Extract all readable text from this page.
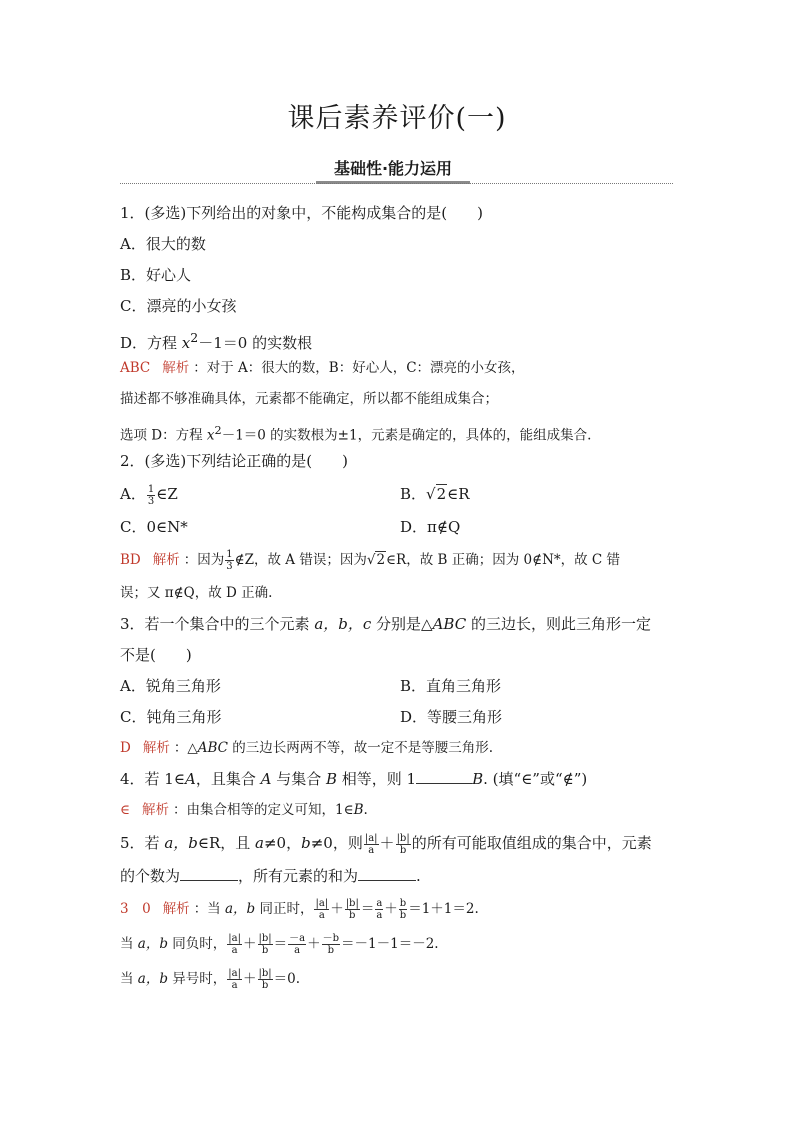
课后素养评价(一)
基础性·能力运用
1．(多选)下列给出的对象中，不能构成集合的是(　　)
A．很大的数
B．好心人
C．漂亮的小女孩
D．方程 $x^2-1=0$ 的实数根
ABC 解析 ：对于 A：很大的数，B：好心人，C：漂亮的小女孩，
描述都不够准确具体，元素都不能确定，所以都不能组成集合；
选项 D：方程 $x^2-1=0$ 的实数根为±1，元素是确定的，具体的，能组成集合.
2．(多选)下列结论正确的是(　　)
A． $\frac{1}{3}$ ∈Z	B．√2∈R
C．0∈N*	D．π∉Q
BD 解析 ：因为 $\frac{1}{3}$ ∉Z，故 A 错误；因为√2∈R，故 B 正确；因为 0∉N*，故 C 错
误；又 π∉Q，故 D 正确.
3．若一个集合中的三个元素 a，b，c 分别是△ABC 的三边长，则此三角形一定
不是(　　)
A．锐角三角形	B．直角三角形
C．钝角三角形	D．等腰三角形
D 解析 ：△ABC 的三边长两两不等，故一定不是等腰三角形.
4．若 1∈A，且集合 A 与集合 B 相等，则 1	B. (填“∈”或“∉”)
∈ 解析 ：由集合相等的定义可知，1∈B.
5．若 a，b∈R，且 a≠0，b≠0，则 $\frac{|a|}{a} + \frac{|b|}{b}$ 的所有可能取值组成的集合中，元素
的个数为	，所有元素的和为	.
3　0 解析 ：当 a，b 同正时， $\frac{|a|}{a} + \frac{|b|}{b} = \frac{a}{a} + \frac{b}{b} =1+1=2$.
当 a，b 同负时， $\frac{|a|}{a} + \frac{|b|}{b} = \frac{-a}{a} + \frac{-b}{b} =-1-1=-2$.
当 a，b 异号时， $\frac{|a|}{a} + \frac{|b|}{b} =0$.
